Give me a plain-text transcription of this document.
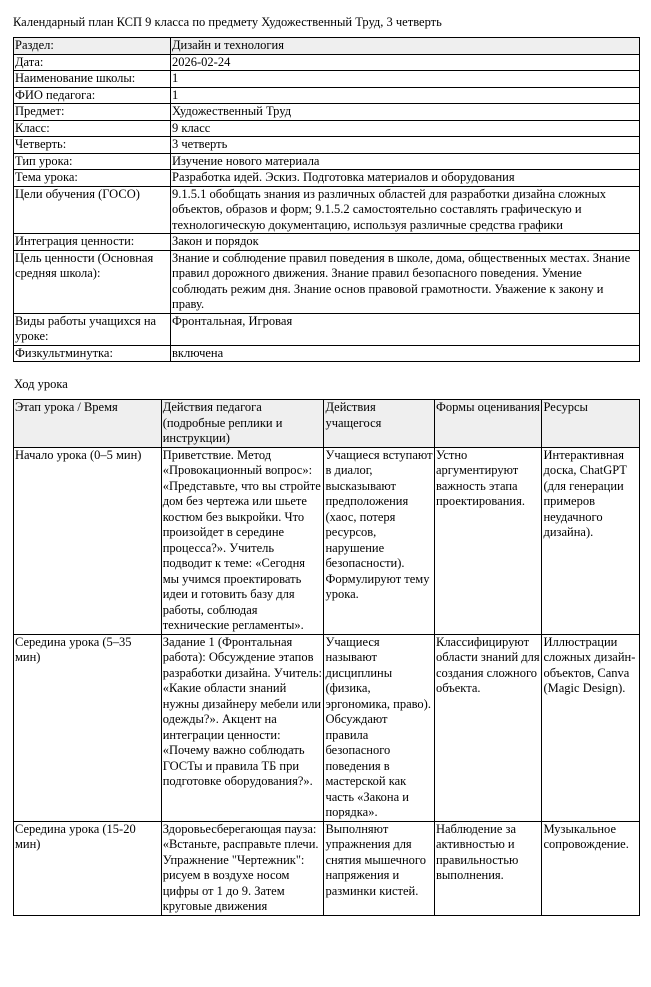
Календарный план КСП 9 класса по предмету Художественный Труд, 3 четверть
Раздел:	Дизайн и технология
Дата:	2026-02-24
Наименование школы:	1
ФИО педагога:	1
Предмет:	Художественный Труд
Класс:	9 класс
Четверть:	3 четверть
Тип урока:	Изучение нового материала
Тема урока:	Разработка идей. Эскиз. Подготовка материалов и оборудования
Цели обучения (ГОСО)	9.1.5.1 обобщать знания из различных областей для разработки дизайна сложных объектов, образов и форм; 9.1.5.2 самостоятельно составлять графическую и технологическую документацию, используя различные средства графики
Интеграция ценности:	Закон и порядок
Цель ценности (Основная средняя школа):	Знание и соблюдение правил поведения в школе, дома, общественных местах. Знание правил дорожного движения. Знание правил безопасного поведения. Умение соблюдать режим дня. Знание основ правовой грамотности. Уважение к закону и праву.
Виды работы учащихся на уроке:	Фронтальная, Игровая
Физкультминутка:	включена
Ход урока
Этап урока / Время	Действия педагога (подробные реплики и инструкции)	Действия учащегося	Формы оценивания	Ресурсы
Начало урока (0–5 мин)	Приветствие. Метод «Провокационный вопрос»: «Представьте, что вы стройте дом без чертежа или шьете костюм без выкройки. Что произойдет в середине процесса?». Учитель подводит к теме: «Сегодня мы учимся проектировать идеи и готовить базу для работы, соблюдая технические регламенты».	Учащиеся вступают в диалог, высказывают предположения (хаос, потеря ресурсов, нарушение безопасности). Формулируют тему урока.	Устно аргументируют важность этапа проектирования.	Интерактивная доска, ChatGPT (для генерации примеров неудачного дизайна).
Середина урока (5–35 мин)	Задание 1 (Фронтальная работа): Обсуждение этапов разработки дизайна. Учитель: «Какие области знаний нужны дизайнеру мебели или одежды?». Акцент на интеграции ценности: «Почему важно соблюдать ГОСТы и правила ТБ при подготовке оборудования?».	Учащиеся называют дисциплины (физика, эргономика, право). Обсуждают правила безопасного поведения в мастерской как часть «Закона и порядка».	Классифицируют области знаний для создания сложного объекта.	Иллюстрации сложных дизайн-объектов, Canva (Magic Design).
Середина урока (15-20 мин)	Здоровьесберегающая пауза: «Встаньте, расправьте плечи. Упражнение "Чертежник": рисуем в воздухе носом цифры от 1 до 9. Затем круговые движения	Выполняют упражнения для снятия мышечного напряжения и разминки кистей.	Наблюдение за активностью и правильностью выполнения.	Музыкальное сопровождение.
